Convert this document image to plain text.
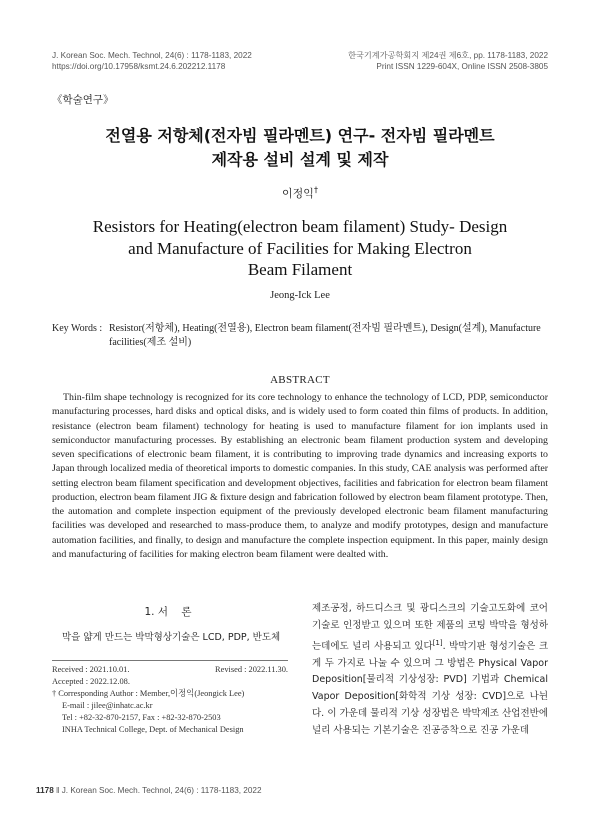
J. Korean Soc. Mech. Technol, 24(6) : 1178-1183, 2022
https://doi.org/10.17958/ksmt.24.6.202212.1178
한국기계가공학회지 제24권 제6호, pp. 1178-1183, 2022
Print ISSN 1229-604X, Online ISSN 2508-3805
《학술연구》
전열용 저항체(전자빔 필라멘트) 연구- 전자빔 필라멘트
제작용 설비 설계 및 제작
이정익†
Resistors for Heating(electron beam filament) Study- Design
and Manufacture of Facilities for Making Electron
Beam Filament
Jeong-Ick Lee
Key Words : Resistor(저항체), Heating(전열용), Electron beam filament(전자빔 필라멘트), Design(설계), Manufacture facilities(제조 설비)
ABSTRACT
Thin-film shape technology is recognized for its core technology to enhance the technology of LCD, PDP, semiconductor manufacturing processes, hard disks and optical disks, and is widely used to form coated thin films of products. In addition, resistance (electron beam filament) technology for heating is used to manufacture filament for ion implants used in semiconductor manufacturing processes. By establishing an electronic beam filament production system and developing seven specifications of electronic beam filament, it is contributing to improving trade dynamics and increasing exports to Japan through localized media of theoretical imports to domestic companies. In this study, CAE analysis was performed after setting electron beam filament specification and development objectives, facilities and fabrication for electron beam filament production, electron beam filament JIG & fixture design and fabrication followed by electron beam filament prototype. Then, the automation and complete inspection equipment of the previously developed electronic beam filament manufacturing facilities was developed and researched to mass-produce them, to analyze and modify prototypes, design and manufacture automation facilities, and finally, to design and manufacture the complete inspection equipment. In this paper, mainly design and manufacturing of facilities for making electron beam filament were dealted with.
1. 서    론
막을 얇게 만드는 박막형상기술은 LCD, PDP, 반도체
Received : 2021.10.01.	Revised : 2022.11.30.
Accepted : 2022.12.08.
† Corresponding Author : Member,이정익(Jeongick Lee)
E-mail : jilee@inhatc.ac.kr
Tel : +82-32-870-2157, Fax : +82-32-870-2503
INHA Technical College, Dept. of Mechanical Design
제조공정, 하드디스크 및 광디스크의 기술고도화에 코어 기술로 인정받고 있으며 또한 제품의 코팅 박막을 형성하는데에도 널리 사용되고 있다[1]. 박막기판 형성기술은 크게 두 가지로 나눌 수 있으며 그 방법은 Physical Vapor Deposition[물리적 기상성장: PVD] 기법과 Chemical Vapor Deposition[화학적 기상 성장: CVD]으로 나뉜다. 이 가운데 물리적 기상 성장법은 박막제조 산업전반에 널리 사용되는 기본기술은 진공증착으로 진공 가운데
1178 ‖ J. Korean Soc. Mech. Technol, 24(6) : 1178-1183, 2022
